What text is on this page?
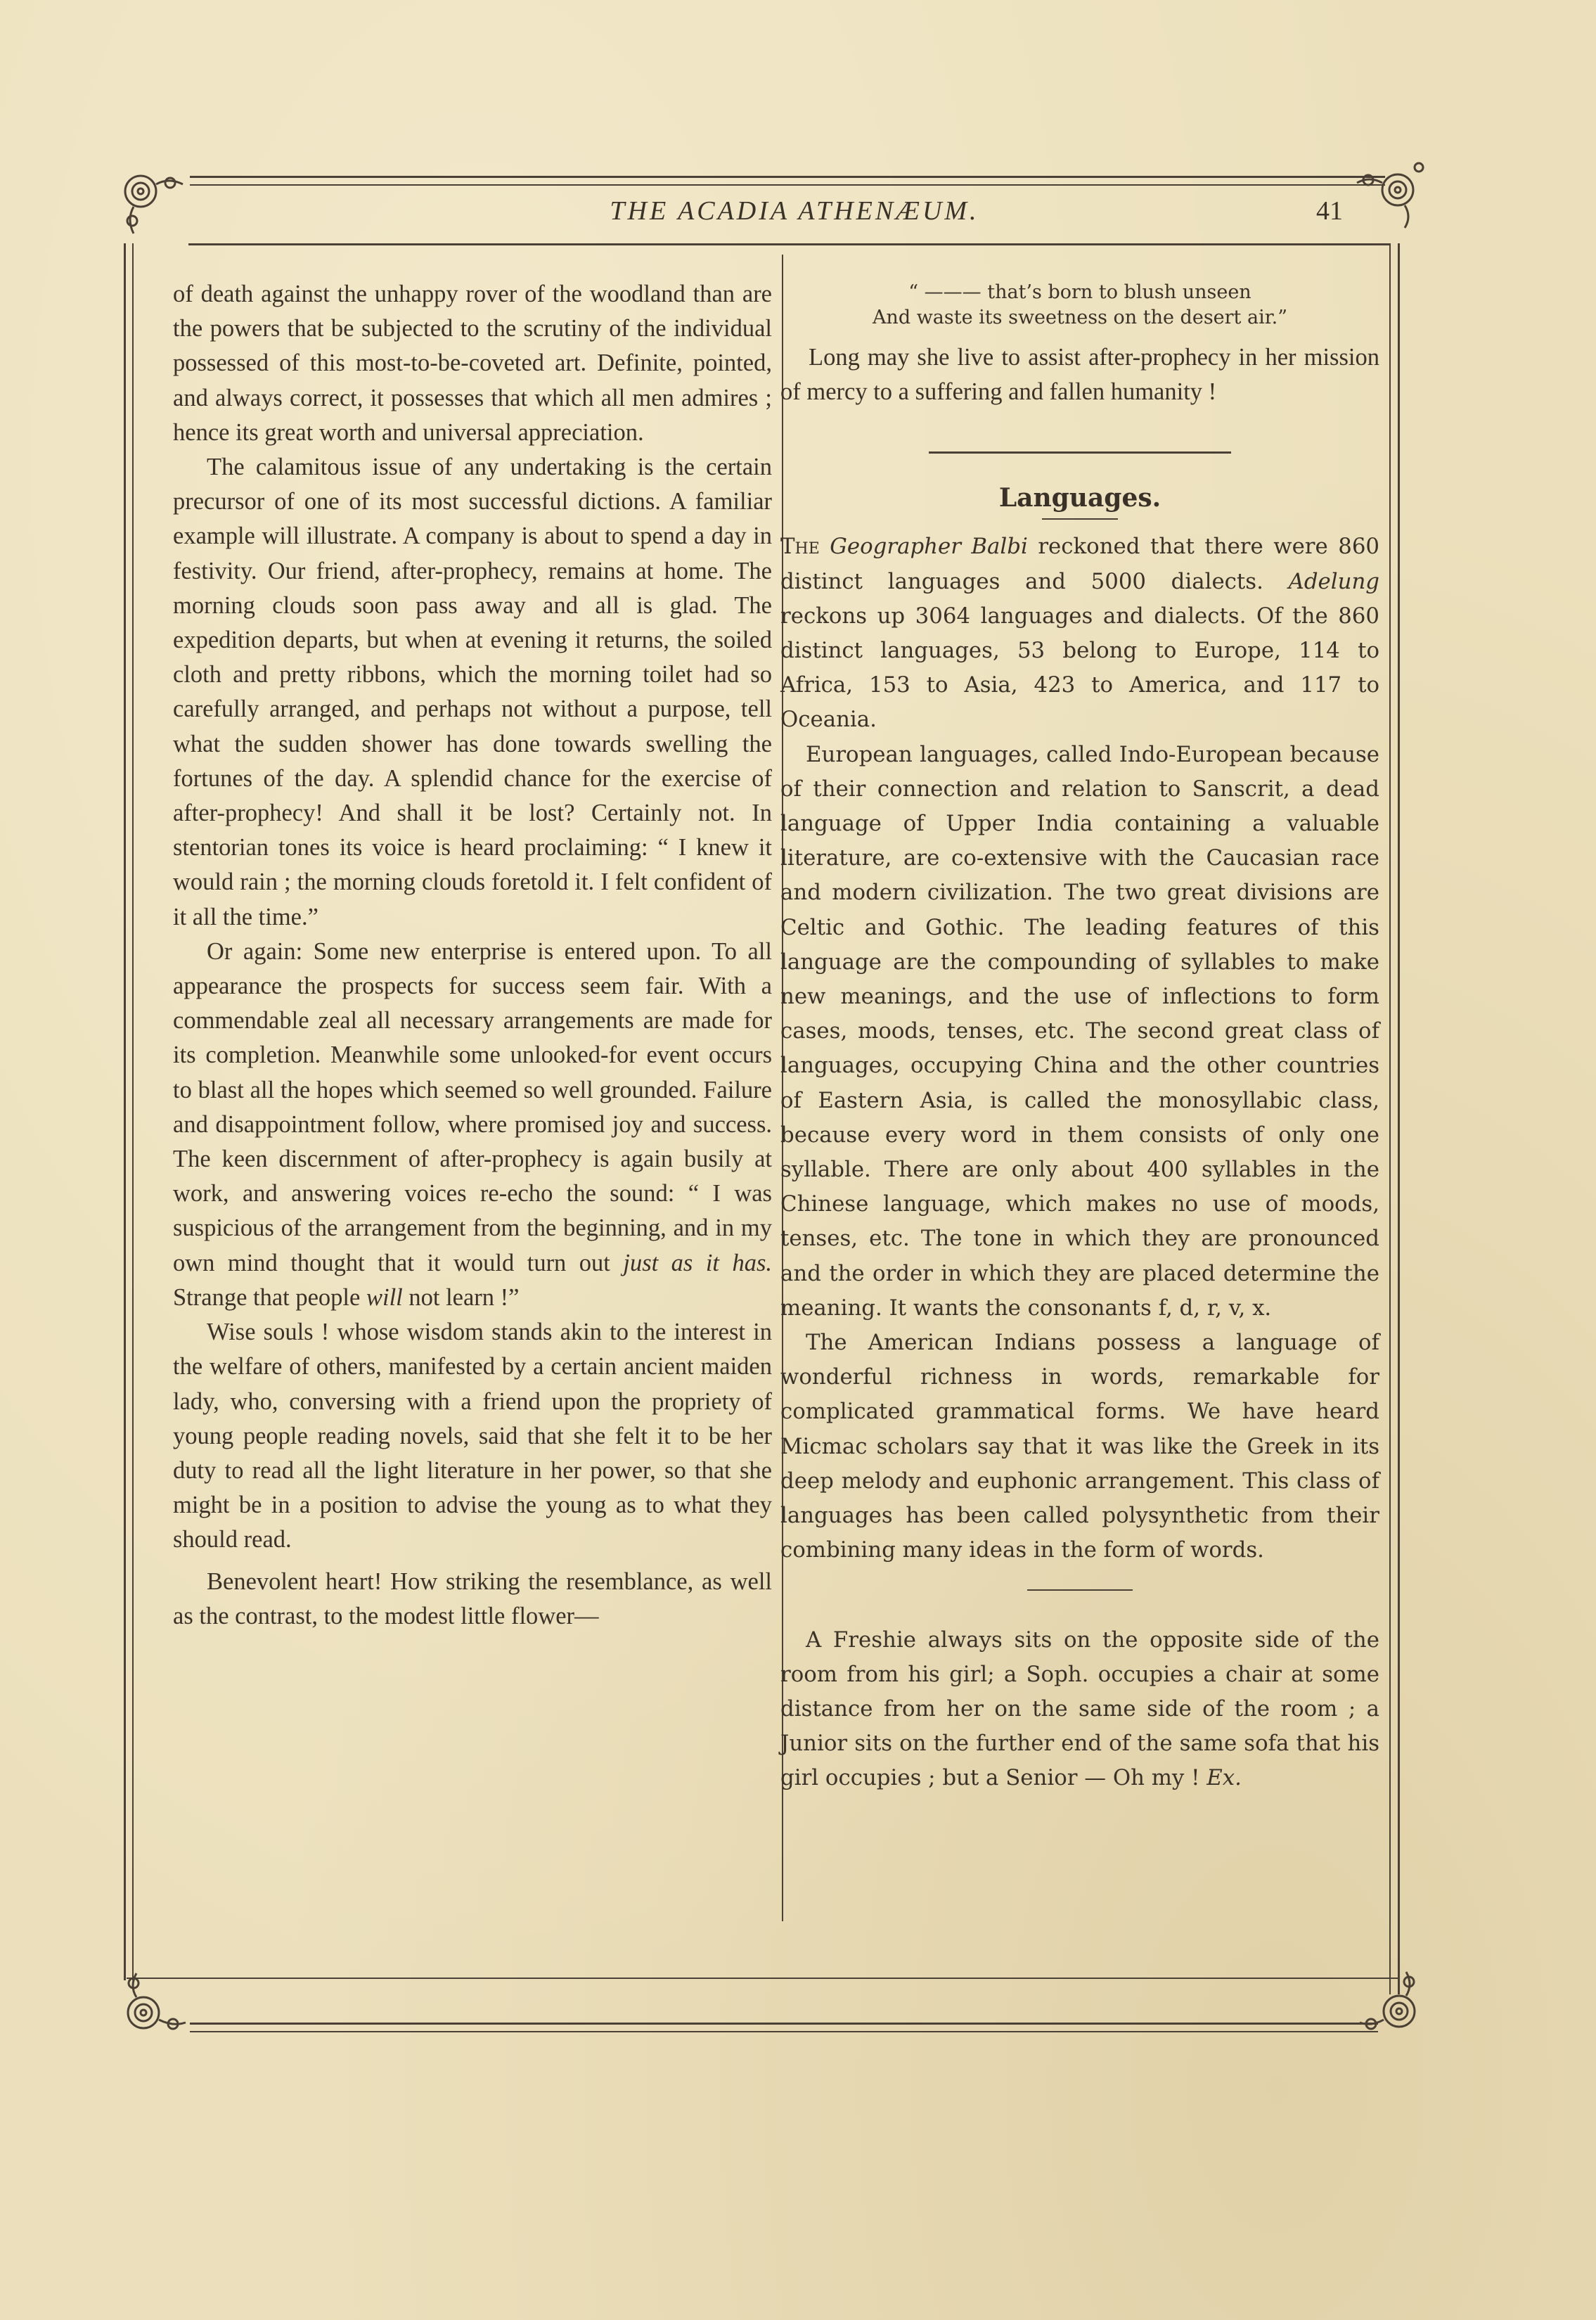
THE ACADIA ATHENÆUM.	41

of death against the unhappy rover of the woodland than are the powers that be subjected to the scrutiny of the individual possessed of this most-to-be-coveted art. Definite, pointed, and always correct, it possesses that which all men admires ; hence its great worth and universal appreciation.

The calamitous issue of any undertaking is the certain precursor of one of its most successful dictions. A familiar example will illustrate. A company is about to spend a day in festivity. Our friend, after-prophecy, remains at home. The morning clouds soon pass away and all is glad. The expedition departs, but when at evening it returns, the soiled cloth and pretty ribbons, which the morning toilet had so carefully arranged, and perhaps not without a purpose, tell what the sudden shower has done towards swelling the fortunes of the day. A splendid chance for the exercise of after-prophecy! And shall it be lost? Certainly not. In stentorian tones its voice is heard proclaiming: “ I knew it would rain ; the morning clouds foretold it. I felt confident of it all the time.”

Or again: Some new enterprise is entered upon. To all appearance the prospects for success seem fair. With a commendable zeal all necessary arrangements are made for its completion. Meanwhile some unlooked-for event occurs to blast all the hopes which seemed so well grounded. Failure and disappointment follow, where promised joy and success. The keen discernment of after-prophecy is again busily at work, and answering voices re-echo the sound: “ I was suspicious of the arrangement from the beginning, and in my own mind thought that it would turn out just as it has. Strange that people will not learn !”

Wise souls ! whose wisdom stands akin to the interest in the welfare of others, manifested by a certain ancient maiden lady, who, conversing with a friend upon the propriety of young people reading novels, said that she felt it to be her duty to read all the light literature in her power, so that she might be in a position to advise the young as to what they should read.

Benevolent heart! How striking the resemblance, as well as the contrast, to the modest little flower—

“ ——— that’s born to blush unseen
And waste its sweetness on the desert air.”

Long may she live to assist after-prophecy in her mission of mercy to a suffering and fallen humanity !

Languages.

The Geographer Balbi reckoned that there were 860 distinct languages and 5000 dialects. Adelung reckons up 3064 languages and dialects. Of the 860 distinct languages, 53 belong to Europe, 114 to Africa, 153 to Asia, 423 to America, and 117 to Oceania.

European languages, called Indo-European because of their connection and relation to Sanscrit, a dead language of Upper India containing a valuable literature, are co-extensive with the Caucasian race and modern civilization. The two great divisions are Celtic and Gothic. The leading features of this language are the compounding of syllables to make new meanings, and the use of inflections to form cases, moods, tenses, etc. The second great class of languages, occupying China and the other countries of Eastern Asia, is called the monosyllabic class, because every word in them consists of only one syllable. There are only about 400 syllables in the Chinese language, which makes no use of moods, tenses, etc. The tone in which they are pronounced and the order in which they are placed determine the meaning. It wants the consonants f, d, r, v, x.

The American Indians possess a language of wonderful richness in words, remarkable for complicated grammatical forms. We have heard Micmac scholars say that it was like the Greek in its deep melody and euphonic arrangement. This class of languages has been called polysynthetic from their combining many ideas in the form of words.

A Freshie always sits on the opposite side of the room from his girl; a Soph. occupies a chair at some distance from her on the same side of the room ; a Junior sits on the further end of the same sofa that his girl occupies ; but a Senior — Oh my ! Ex.
